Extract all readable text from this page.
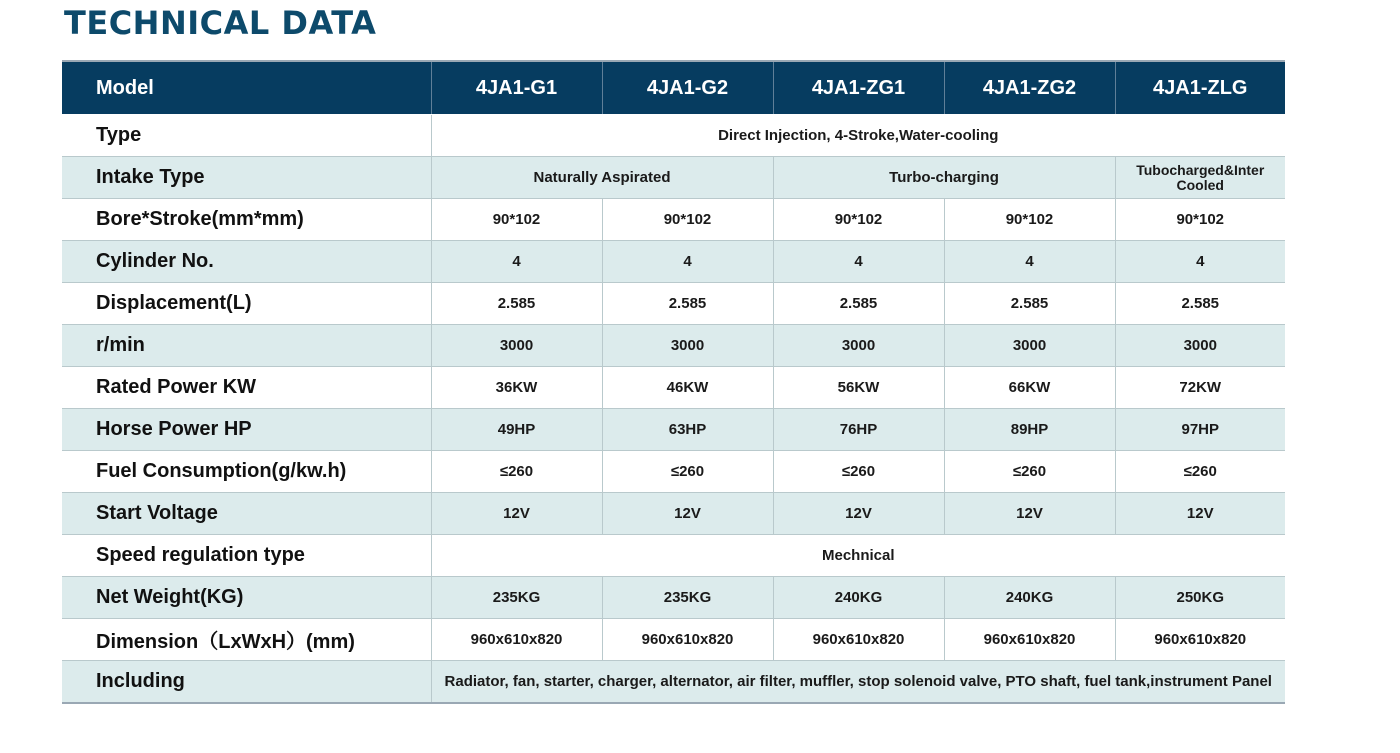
TECHNICAL DATA
Model	4JA1-G1	4JA1-G2	4JA1-ZG1	4JA1-ZG2	4JA1-ZLG
Type	Direct Injection, 4-Stroke,Water-cooling				
Intake Type	Naturally Aspirated		Turbo-charging		Tubocharged&Inter Cooled
Bore*Stroke(mm*mm)	90*102	90*102	90*102	90*102	90*102
Cylinder No.	4	4	4	4	4
Displacement(L)	2.585	2.585	2.585	2.585	2.585
r/min	3000	3000	3000	3000	3000
Rated Power KW	36KW	46KW	56KW	66KW	72KW
Horse Power HP	49HP	63HP	76HP	89HP	97HP
Fuel Consumption(g/kw.h)	≤260	≤260	≤260	≤260	≤260
Start Voltage	12V	12V	12V	12V	12V
Speed regulation type	Mechnical				
Net Weight(KG)	235KG	235KG	240KG	240KG	250KG
Dimension（LxWxH）(mm)	960x610x820	960x610x820	960x610x820	960x610x820	960x610x820
Including	Radiator, fan, starter, charger, alternator, air filter, muffler, stop solenoid valve, PTO shaft, fuel tank,instrument Panel				
